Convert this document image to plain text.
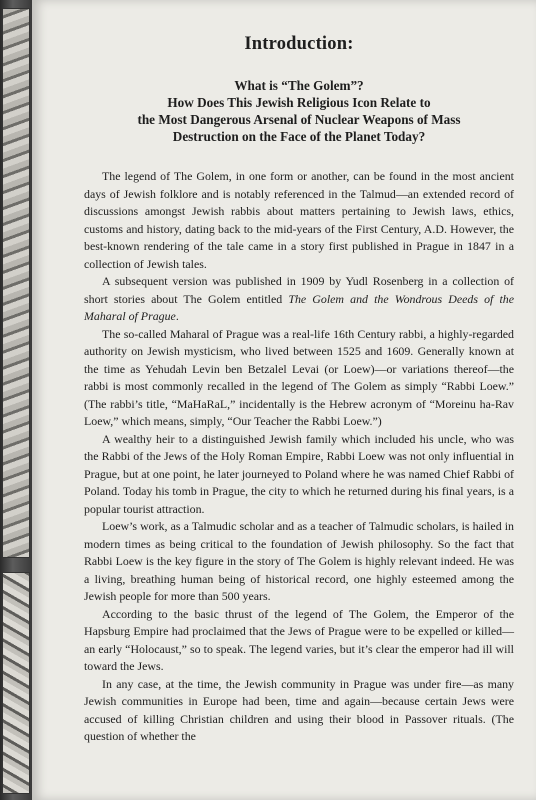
Introduction:
What is “The Golem”?
How Does This Jewish Religious Icon Relate to
the Most Dangerous Arsenal of Nuclear Weapons of Mass
Destruction on the Face of the Planet Today?

The legend of The Golem, in one form or another, can be found in the most ancient days of Jewish folklore and is notably referenced in the Talmud—an extended record of discussions amongst Jewish rabbis about matters pertaining to Jewish laws, ethics, customs and history, dating back to the mid-years of the First Century, A.D. However, the best-known rendering of the tale came in a story first published in Prague in 1847 in a collection of Jewish tales.

A subsequent version was published in 1909 by Yudl Rosenberg in a collection of short stories about The Golem entitled The Golem and the Wondrous Deeds of the Maharal of Prague.

The so-called Maharal of Prague was a real-life 16th Century rabbi, a highly-regarded authority on Jewish mysticism, who lived between 1525 and 1609. Generally known at the time as Yehudah Levin ben Betzalel Levai (or Loew)—or variations thereof—the rabbi is most commonly recalled in the legend of The Golem as simply “Rabbi Loew.” (The rabbi’s title, “MaHaRaL,” incidentally is the Hebrew acronym of “Moreinu ha-Rav Loew,” which means, simply, “Our Teacher the Rabbi Loew.”)

A wealthy heir to a distinguished Jewish family which included his uncle, who was the Rabbi of the Jews of the Holy Roman Empire, Rabbi Loew was not only influential in Prague, but at one point, he later journeyed to Poland where he was named Chief Rabbi of Poland. Today his tomb in Prague, the city to which he returned during his final years, is a popular tourist attraction.

Loew’s work, as a Talmudic scholar and as a teacher of Talmudic scholars, is hailed in modern times as being critical to the foundation of Jewish philosophy. So the fact that Rabbi Loew is the key figure in the story of The Golem is highly relevant indeed. He was a living, breathing human being of historical record, one highly esteemed among the Jewish people for more than 500 years.

According to the basic thrust of the legend of The Golem, the Emperor of the Hapsburg Empire had proclaimed that the Jews of Prague were to be expelled or killed—an early “Holocaust,” so to speak. The legend varies, but it’s clear the emperor had ill will toward the Jews.

In any case, at the time, the Jewish community in Prague was under fire—as many Jewish communities in Europe had been, time and again—because certain Jews were accused of killing Christian children and using their blood in Passover rituals. (The question of whether the
